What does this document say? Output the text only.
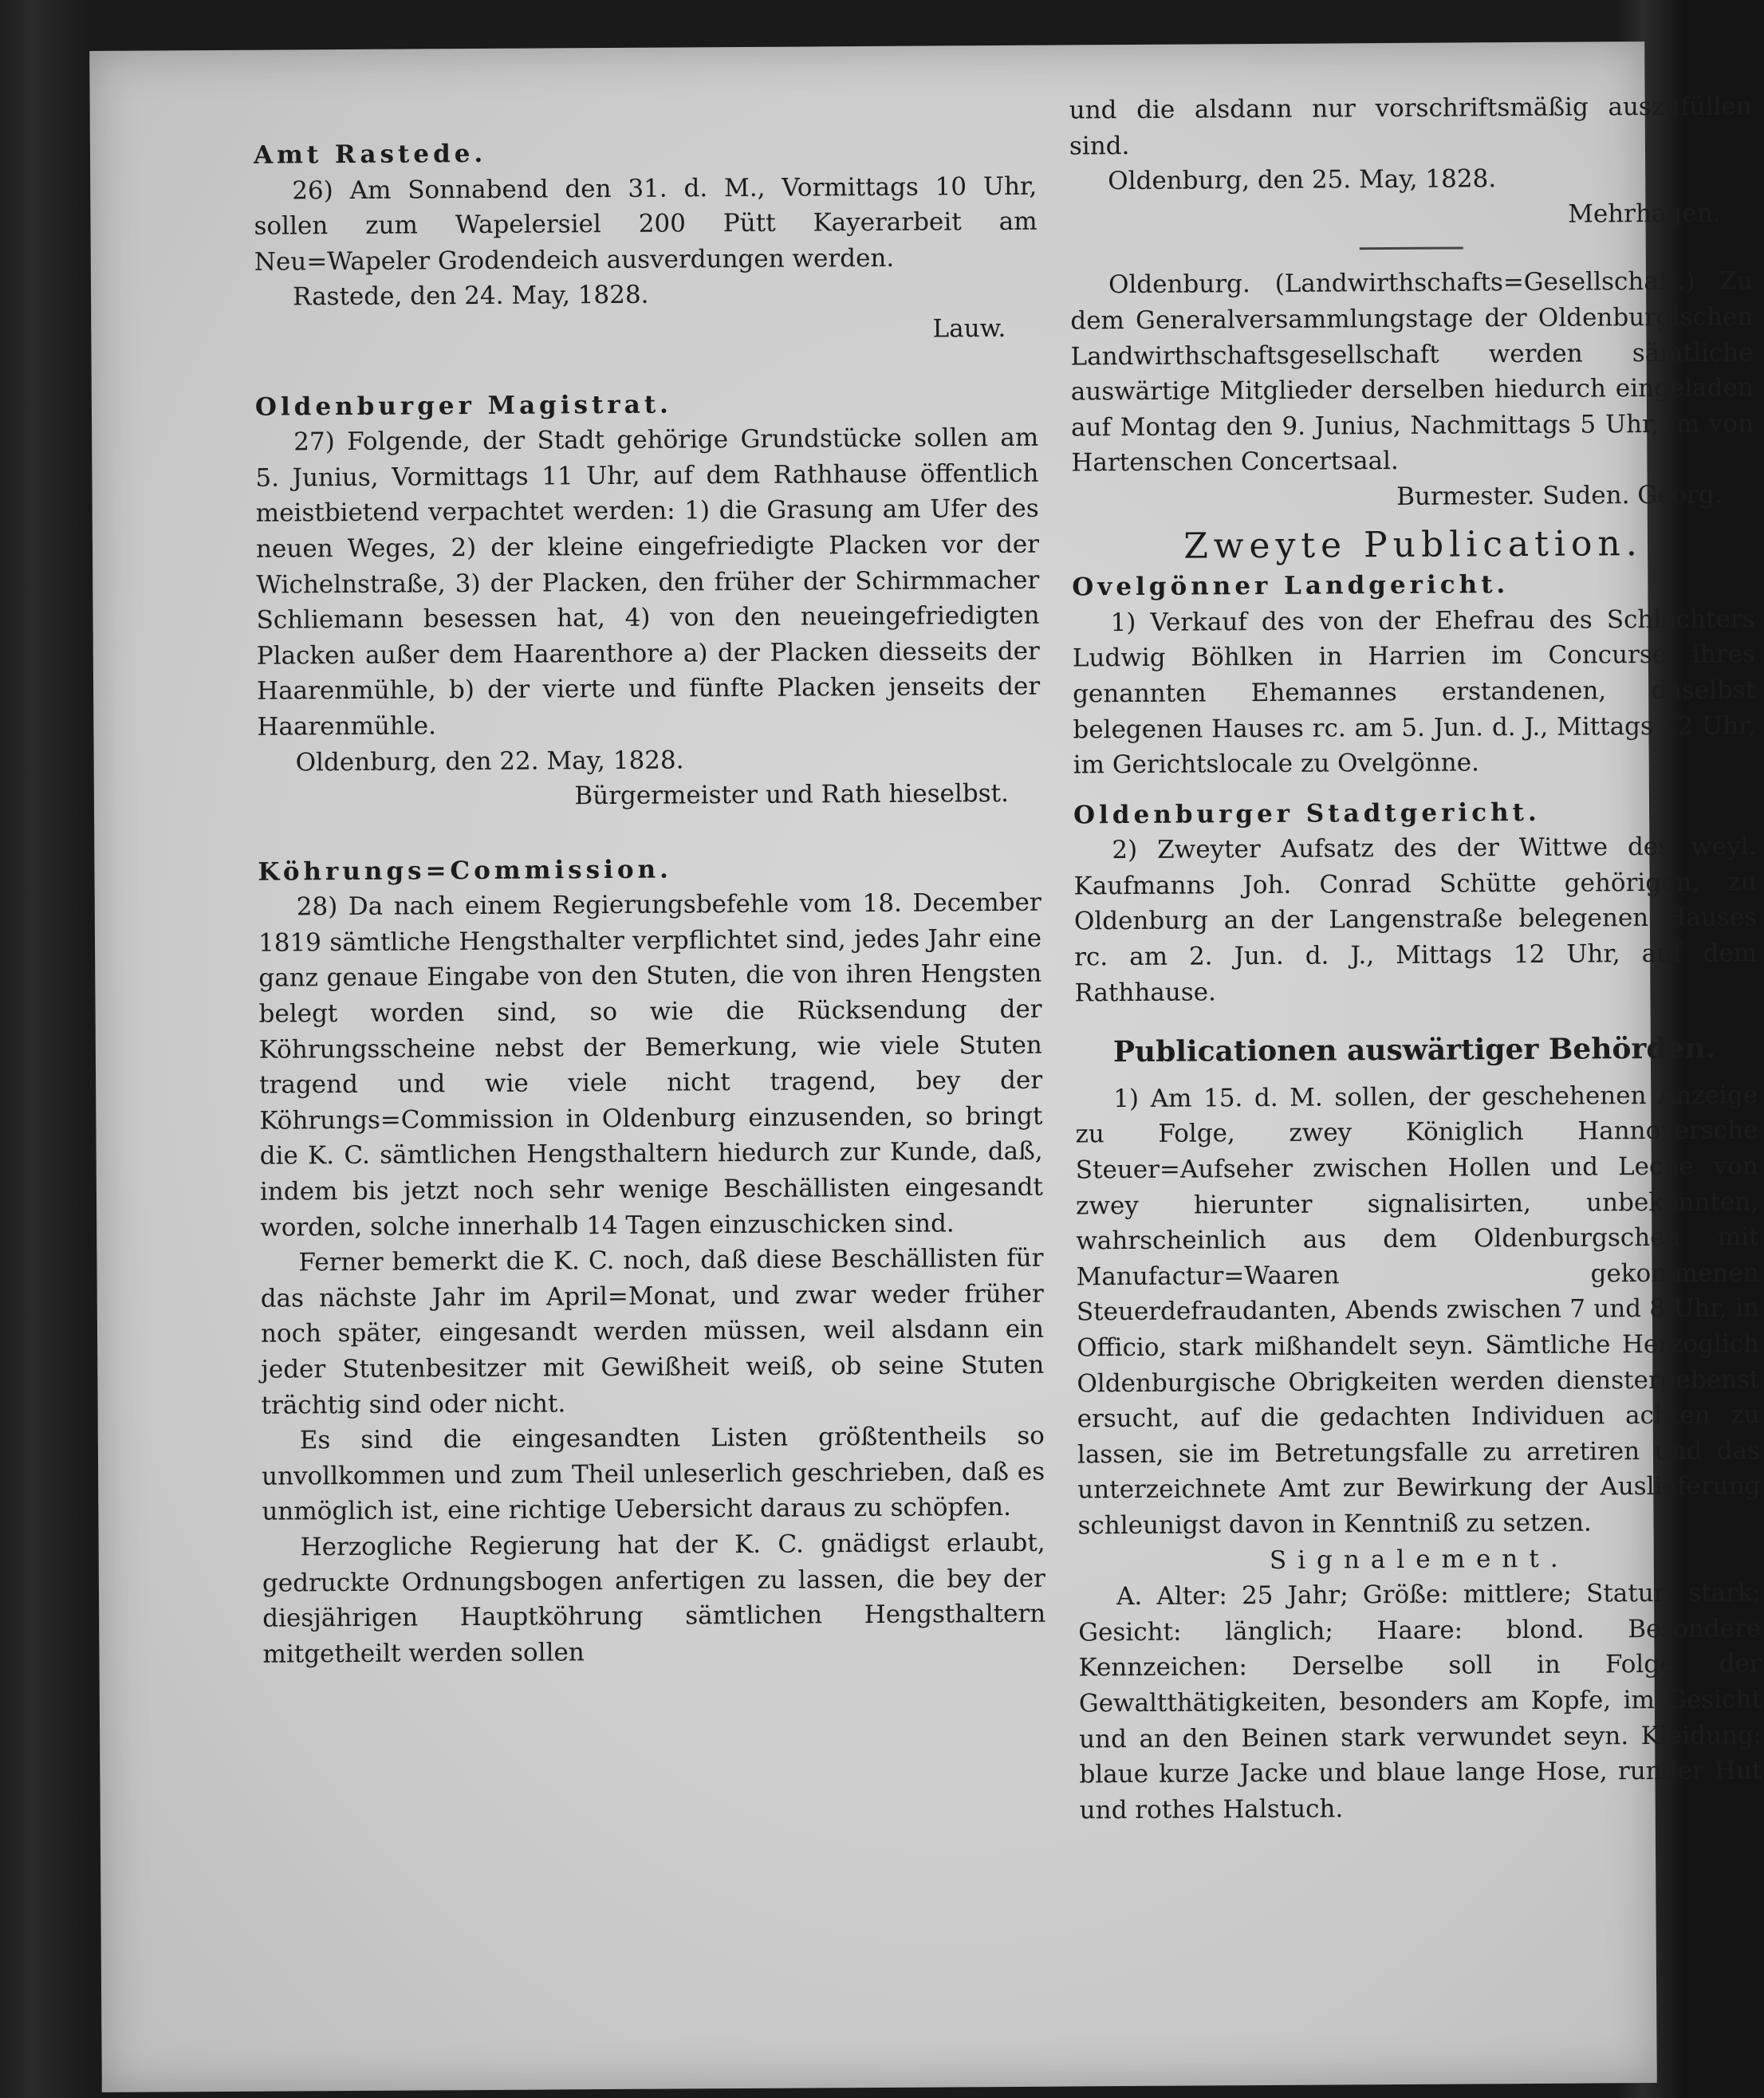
Amt Rastede.

26) Am Sonnabend den 31. d. M., Vormittags 10 Uhr, sollen zum Wapelersiel 200 Pütt Kayerarbeit am Neu=Wapeler Grodendeich ausverdungen werden.

Rastede, den 24. May, 1828.

Lauw.

Oldenburger Magistrat.

27) Folgende, der Stadt gehörige Grundstücke sollen am 5. Junius, Vormittags 11 Uhr, auf dem Rathhause öffentlich meistbietend verpachtet werden: 1) die Grasung am Ufer des neuen Weges, 2) der kleine eingefriedigte Placken vor der Wichelnstraße, 3) der Placken, den früher der Schirmmacher Schliemann besessen hat, 4) von den neueingefriedigten Placken außer dem Haarenthore a) der Placken diesseits der Haarenmühle, b) der vierte und fünfte Placken jenseits der Haarenmühle.

Oldenburg, den 22. May, 1828.

Bürgermeister und Rath hieselbst.

Köhrungs=Commission.

28) Da nach einem Regierungsbefehle vom 18. December 1819 sämtliche Hengsthalter verpflichtet sind, jedes Jahr eine ganz genaue Eingabe von den Stuten, die von ihren Hengsten belegt worden sind, so wie die Rücksendung der Köhrungsscheine nebst der Bemerkung, wie viele Stuten tragend und wie viele nicht tragend, bey der Köhrungs=Commission in Oldenburg einzusenden, so bringt die K. C. sämtlichen Hengsthaltern hiedurch zur Kunde, daß, indem bis jetzt noch sehr wenige Beschällisten eingesandt worden, solche innerhalb 14 Tagen einzuschicken sind.

Ferner bemerkt die K. C. noch, daß diese Beschällisten für das nächste Jahr im April=Monat, und zwar weder früher noch später, eingesandt werden müssen, weil alsdann ein jeder Stutenbesitzer mit Gewißheit weiß, ob seine Stuten trächtig sind oder nicht.

Es sind die eingesandten Listen größtentheils so unvollkommen und zum Theil unleserlich geschrieben, daß es unmöglich ist, eine richtige Uebersicht daraus zu schöpfen.

Herzogliche Regierung hat der K. C. gnädigst erlaubt, gedruckte Ordnungsbogen anfertigen zu lassen, die bey der diesjährigen Hauptköhrung sämtlichen Hengsthaltern mitgetheilt werden sollen

und die alsdann nur vorschriftsmäßig auszufüllen sind.

Oldenburg, den 25. May, 1828.

Mehrhagen.

Oldenburg. (Landwirthschafts=Gesellschaft.) Zu dem Generalversammlungstage der Oldenburgischen Landwirthschaftsgesellschaft werden sämtliche auswärtige Mitglieder derselben hiedurch eingeladen auf Montag den 9. Junius, Nachmittags 5 Uhr, im von Hartenschen Concertsaal.

Burmester. Suden. Georg.

Zweyte Publication.

Ovelgönner Landgericht.

1) Verkauf des von der Ehefrau des Schlächters Ludwig Böhlken in Harrien im Concurse ihres genannten Ehemannes erstandenen, daselbst belegenen Hauses rc. am 5. Jun. d. J., Mittags 12 Uhr, im Gerichtslocale zu Ovelgönne.

Oldenburger Stadtgericht.

2) Zweyter Aufsatz des der Wittwe des weyl. Kaufmanns Joh. Conrad Schütte gehörigen, zu Oldenburg an der Langenstraße belegenen Hauses rc. am 2. Jun. d. J., Mittags 12 Uhr, auf dem Rathhause.

Publicationen auswärtiger Behörden.

1) Am 15. d. M. sollen, der geschehenen Anzeige zu Folge, zwey Königlich Hannoversche Steuer=Aufseher zwischen Hollen und Leche von zwey hierunter signalisirten, unbekannten, wahrscheinlich aus dem Oldenburgschen mit Manufactur=Waaren gekommenen Steuerdefraudanten, Abends zwischen 7 und 8 Uhr, in Officio, stark mißhandelt seyn. Sämtliche Herzoglich Oldenburgische Obrigkeiten werden dienstergebenst ersucht, auf die gedachten Individuen achten zu lassen, sie im Betretungsfalle zu arretiren und das unterzeichnete Amt zur Bewirkung der Auslieferung schleunigst davon in Kenntniß zu setzen.

Signalement.

A. Alter: 25 Jahr; Größe: mittlere; Statur: stark; Gesicht: länglich; Haare: blond. Besondere Kennzeichen: Derselbe soll in Folge der Gewaltthätigkeiten, besonders am Kopfe, im Gesicht und an den Beinen stark verwundet seyn. Kleidung: blaue kurze Jacke und blaue lange Hose, runder Hut und rothes Halstuch.
